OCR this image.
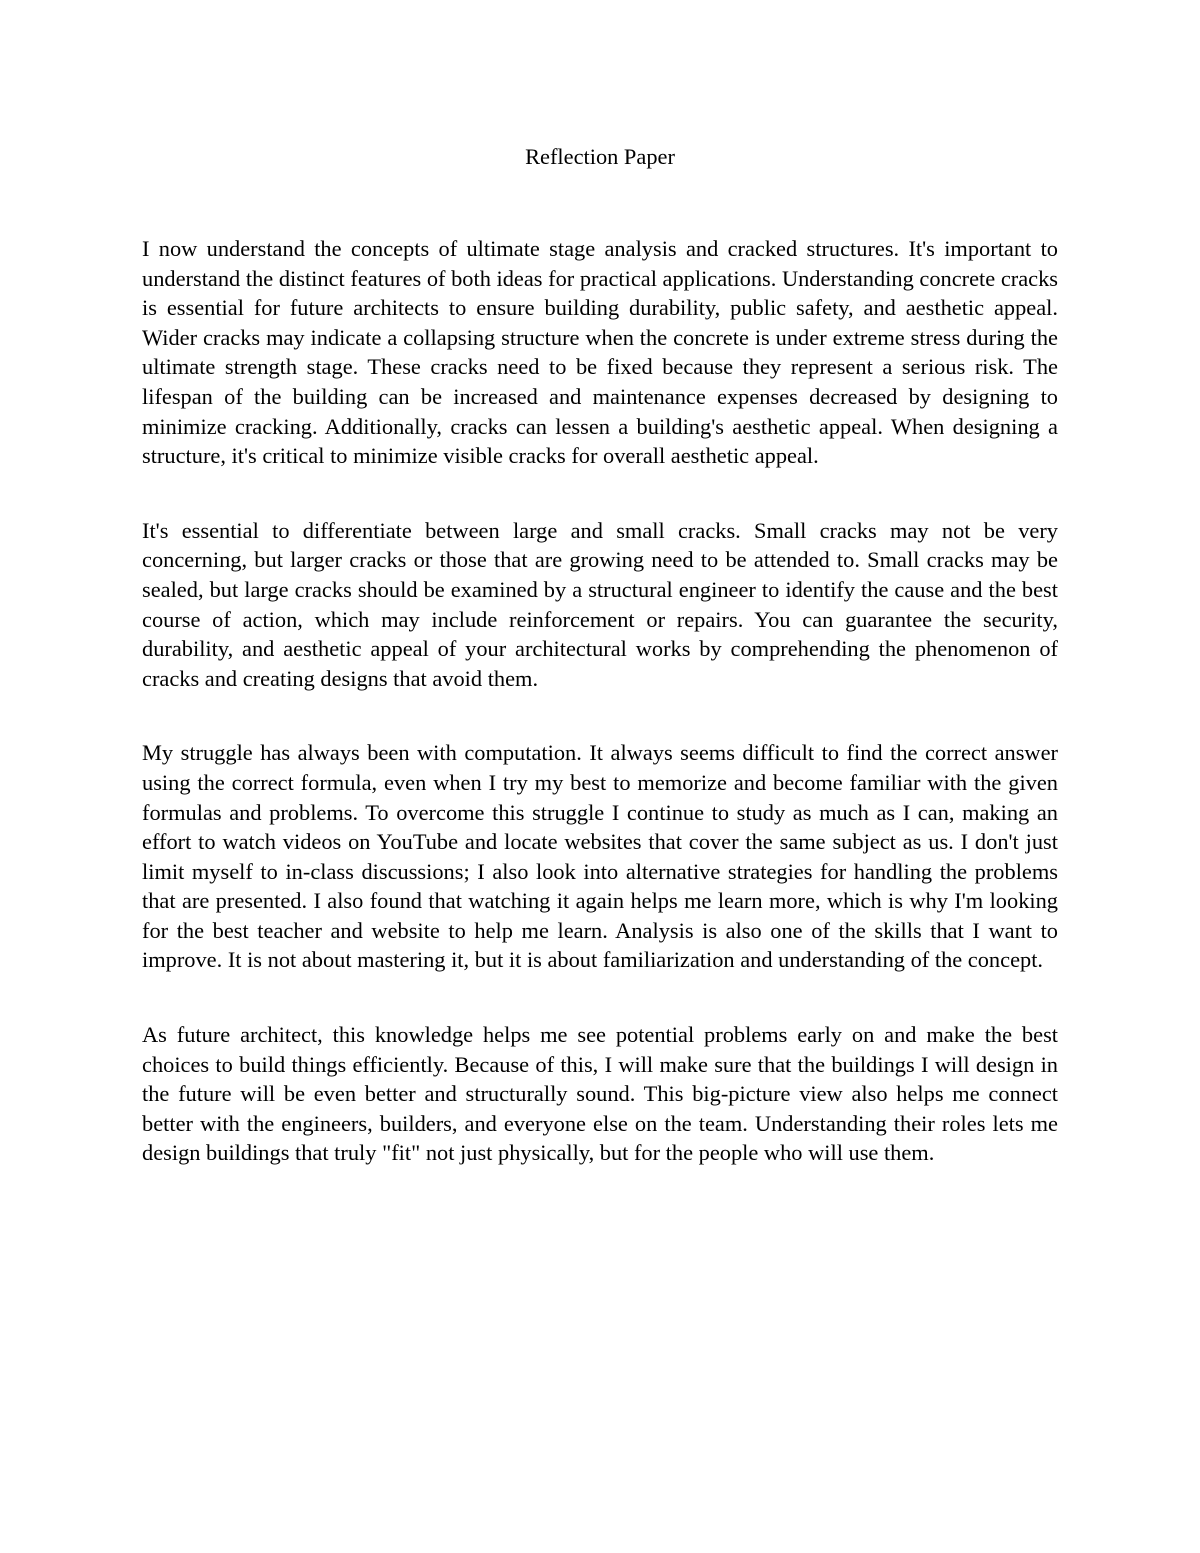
Reflection Paper

I now understand the concepts of ultimate stage analysis and cracked structures. It's important to understand the distinct features of both ideas for practical applications. Understanding concrete cracks is essential for future architects to ensure building durability, public safety, and aesthetic appeal. Wider cracks may indicate a collapsing structure when the concrete is under extreme stress during the ultimate strength stage. These cracks need to be fixed because they represent a serious risk. The lifespan of the building can be increased and maintenance expenses decreased by designing to minimize cracking. Additionally, cracks can lessen a building's aesthetic appeal. When designing a structure, it's critical to minimize visible cracks for overall aesthetic appeal.

It's essential to differentiate between large and small cracks. Small cracks may not be very concerning, but larger cracks or those that are growing need to be attended to. Small cracks may be sealed, but large cracks should be examined by a structural engineer to identify the cause and the best course of action, which may include reinforcement or repairs. You can guarantee the security, durability, and aesthetic appeal of your architectural works by comprehending the phenomenon of cracks and creating designs that avoid them.

My struggle has always been with computation. It always seems difficult to find the correct answer using the correct formula, even when I try my best to memorize and become familiar with the given formulas and problems. To overcome this struggle I continue to study as much as I can, making an effort to watch videos on YouTube and locate websites that cover the same subject as us. I don't just limit myself to in-class discussions; I also look into alternative strategies for handling the problems that are presented. I also found that watching it again helps me learn more, which is why I'm looking for the best teacher and website to help me learn. Analysis is also one of the skills that I want to improve. It is not about mastering it, but it is about familiarization and understanding of the concept.

As future architect, this knowledge helps me see potential problems early on and make the best choices to build things efficiently. Because of this, I will make sure that the buildings I will design in the future will be even better and structurally sound. This big-picture view also helps me connect better with the engineers, builders, and everyone else on the team. Understanding their roles lets me design buildings that truly "fit" not just physically, but for the people who will use them.
